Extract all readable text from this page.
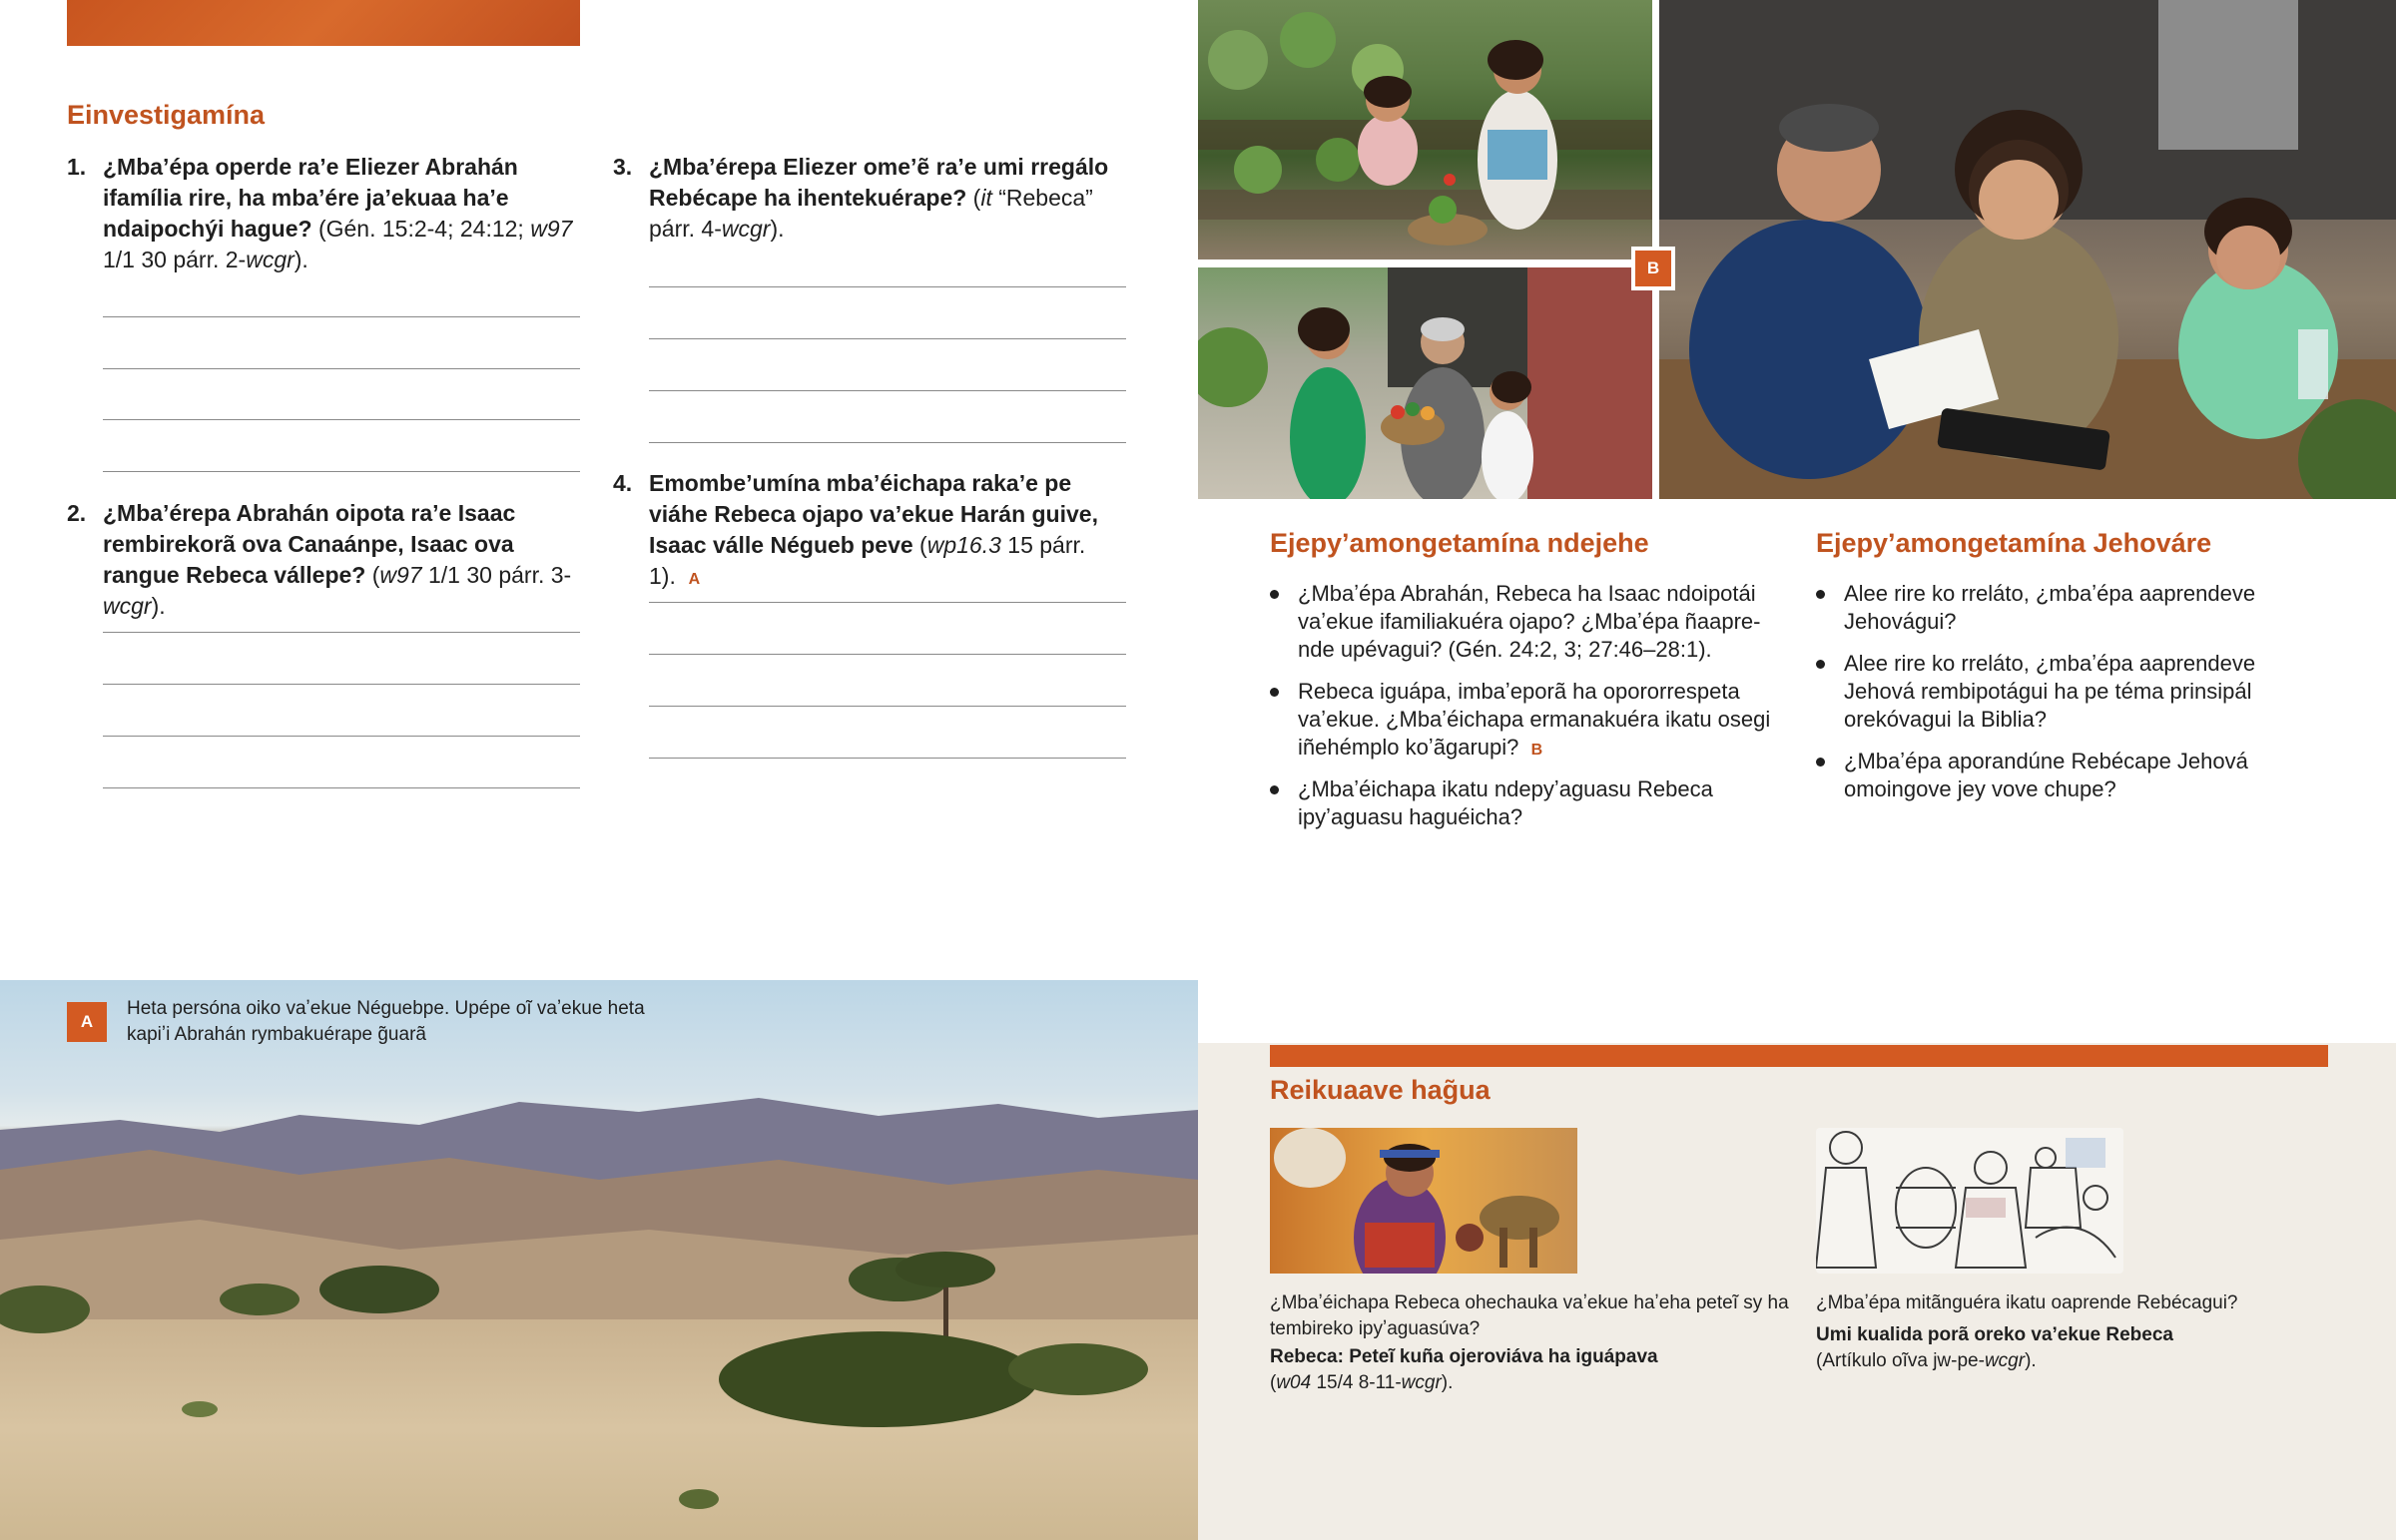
Einvestigamína
1. ¿Mbaʼépa operde raʼe Eliezer Abrahán ifamília rire, ha mbaʼére jaʼekuaa haʼe ndaipochýi hague? (Gén. 15:2-4; 24:12; w97 1/1 30 párr. 2-wcgr).
2. ¿Mbaʼérepa Abrahán oipota raʼe Isaac rembirekorã ova Canaánpe, Isaac ova rangue Rebeca vállepe? (w97 1/1 30 párr. 3-wcgr).
3. ¿Mbaʼérepa Eliezer omeʼẽ raʼe umi rregálo Rebécape ha ihentekuérape? (it “Rebeca” párr. 4-wcgr).
4. Emombeʼumína mbaʼéichapa rakaʼe pe viáhe Rebeca ojapo vaʼekue Harán guive, Isaac válle Négueb peve (wp16.3 15 párr. 1). A
B
Ejepyʼamongetamína ndejehe
¿Mbaʼépa Abrahán, Rebeca ha Isaac ndoipotái vaʼekue ifamiliakuéra ojapo? ¿Mbaʼépa ñaaprende upévagui? (Gén. 24:2, 3; 27:46–28:1).
Rebeca iguápa, imbaʼeporã ha opororrespeta vaʼekue. ¿Mbaʼéichapa ermanakuéra ikatu osegi iñehémplo koʼãgarupi? B
¿Mbaʼéichapa ikatu ndepyʼaguasu Rebeca ipyʼaguasu haguéicha?
Ejepyʼamongetamína Jehováre
Alee rire ko rreláto, ¿mbaʼépa aaprendeve Jehovágui?
Alee rire ko rreláto, ¿mbaʼépa aaprendeve Jehová rembipotágui ha pe téma prinsipál orekóvagui la Biblia?
¿Mbaʼépa aporandúne Rebécape Jehová omoingove jey vove chupe?
A
Heta persóna oiko vaʼekue Néguebpe. Upépe oĩ vaʼekue heta kapiʼi Abrahán rymbakuérape g̃uarã
Reikuaave hag̃ua
¿Mbaʼéichapa Rebeca ohechauka vaʼekue haʼeha peteĩ sy ha tembireko ipyʼaguasúva?
Rebeca: Peteĩ kuña ojeroviáva ha iguápava
(w04 15/4 8-11-wcgr).
¿Mbaʼépa mitãnguéra ikatu oaprende Rebécagui?
Umi kualida porã oreko vaʼekue Rebeca
(Artíkulo oĩva jw-pe-wcgr).
